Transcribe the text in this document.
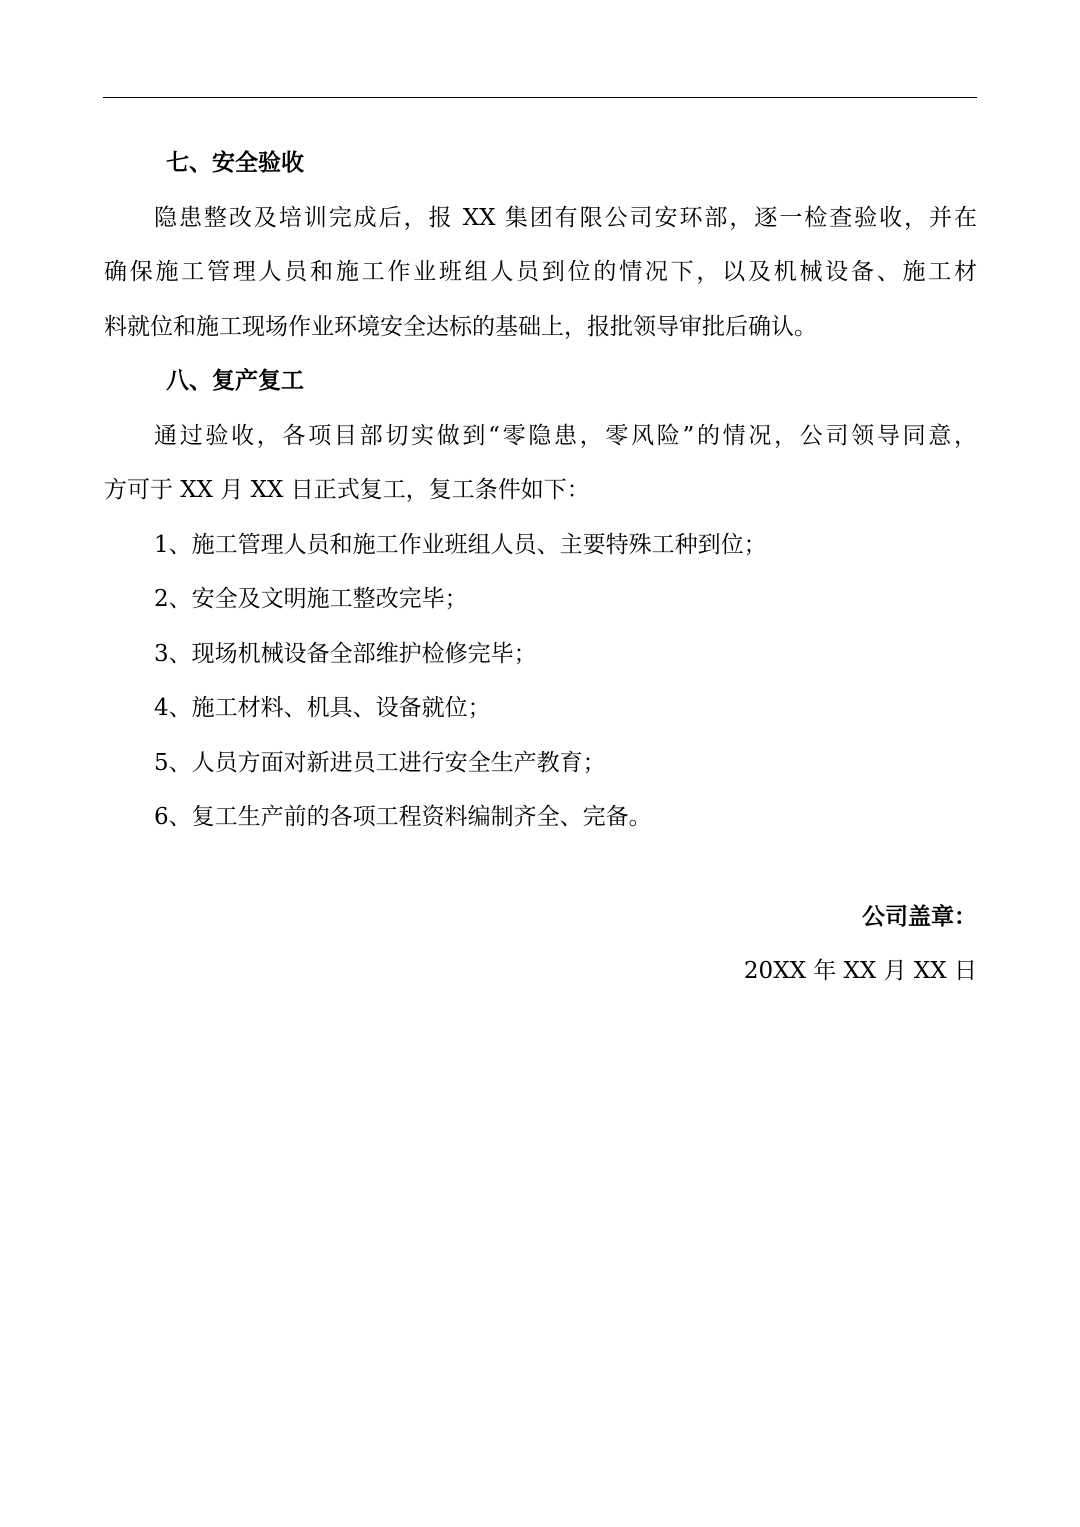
七、安全验收
隐患整改及培训完成后，报 XX 集团有限公司安环部，逐一检查验收，并在
确保施工管理人员和施工作业班组人员到位的情况下，以及机械设备、施工材
料就位和施工现场作业环境安全达标的基础上，报批领导审批后确认。
八、复产复工
通过验收，各项目部切实做到“零隐患，零风险”的情况，公司领导同意，
方可于 XX 月 XX 日正式复工，复工条件如下：
1、施工管理人员和施工作业班组人员、主要特殊工种到位；
2、安全及文明施工整改完毕；
3、现场机械设备全部维护检修完毕；
4、施工材料、机具、设备就位；
5、人员方面对新进员工进行安全生产教育；
6、复工生产前的各项工程资料编制齐全、完备。
公司盖章：
20XX 年 XX 月 XX 日
